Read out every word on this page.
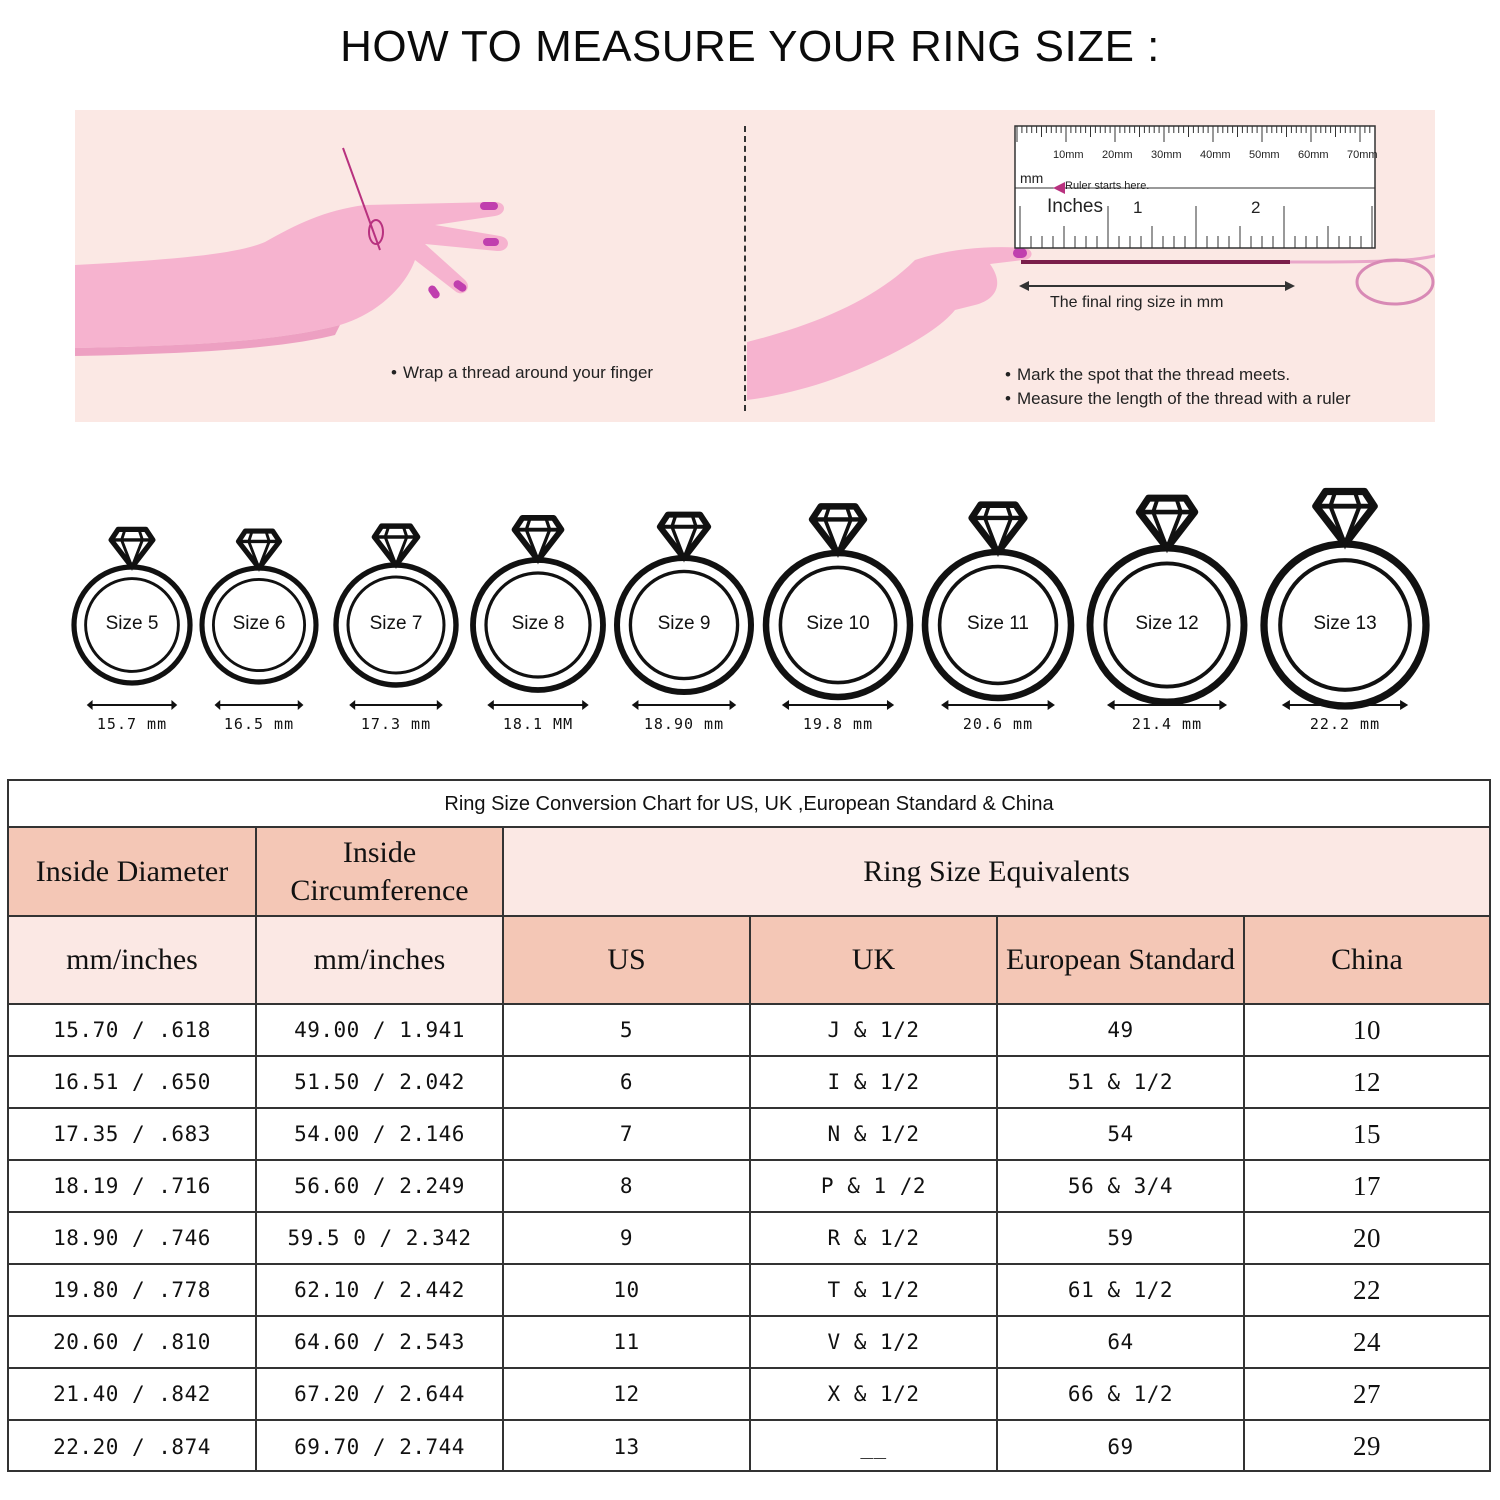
HOW TO MEASURE YOUR RING SIZE :
10mm 20mm 30mm 40mm 50mm 60mm 70mm
mm Ruler starts here.
Inches 1	2
The final ring size in mm
• Wrap a thread around your finger	• Mark the spot that the thread meets.
• Measure the length of the thread with a ruler
Size 5
15.7 mm
Size 6
16.5 mm
Size 7
17.3 mm
Size 8
18.1 MM
Size 9
18.90 mm
Size 10
19.8 mm
Size 11
20.6 mm
Size 12
21.4 mm
Size 13
22.2 mm
Ring Size Conversion Chart for US, UK ,European Standard & China
Inside Diameter	Inside Circumference	Ring Size Equivalents			
mm/inches	mm/inches	US	UK	European Standard	China
15.70 / .618	49.00 / 1.941	5	J & 1/2	49	10
16.51 / .650	51.50 / 2.042	6	I & 1/2	51 & 1/2	12
17.35 / .683	54.00 / 2.146	7	N & 1/2	54	15
18.19 / .716	56.60 / 2.249	8	P & 1 /2	56 & 3/4	17
18.90 / .746	59.5 0 / 2.342	9	R & 1/2	59	20
19.80 / .778	62.10 / 2.442	10	T & 1/2	61 & 1/2	22
20.60 / .810	64.60 / 2.543	11	V & 1/2	64	24
21.40 / .842	67.20 / 2.644	12	X & 1/2	66 & 1/2	27
22.20 / .874	69.70 / 2.744	13	__	69	29
